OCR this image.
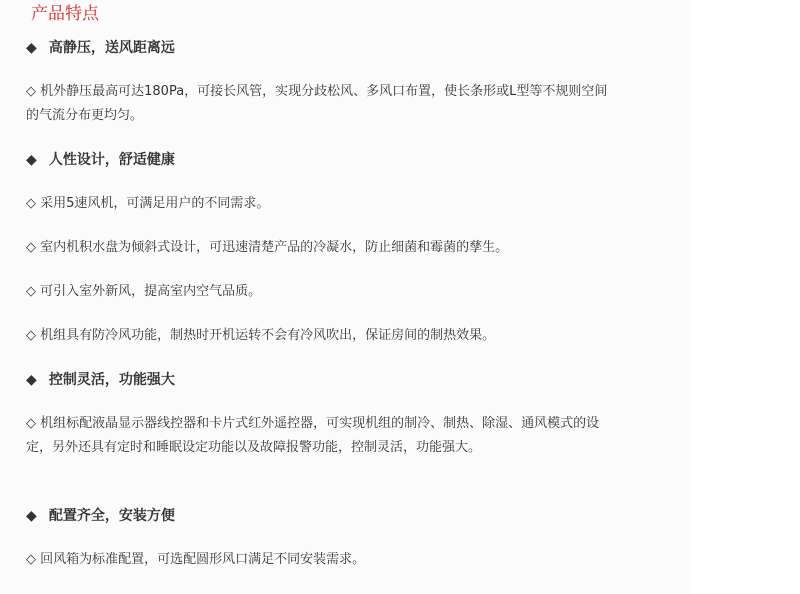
产品特点
◆ 高静压，送风距离远
◇ 机外静压最高可达180Pa，可接长风管，实现分歧松风、多风口布置，使长条形或L型等不规则空间的气流分布更均匀。
◆ 人性设计，舒适健康
◇ 采用5速风机，可满足用户的不同需求。
◇ 室内机积水盘为倾斜式设计，可迅速清楚产品的冷凝水，防止细菌和霉菌的孳生。
◇ 可引入室外新风，提高室内空气品质。
◇ 机组具有防冷风功能，制热时开机运转不会有冷风吹出，保证房间的制热效果。
◆ 控制灵活，功能强大
◇ 机组标配液晶显示器线控器和卡片式红外遥控器，可实现机组的制冷、制热、除湿、通风模式的设定，另外还具有定时和睡眠设定功能以及故障报警功能，控制灵活，功能强大。
◆ 配置齐全，安装方便
◇ 回风箱为标准配置，可选配圆形风口满足不同安装需求。
